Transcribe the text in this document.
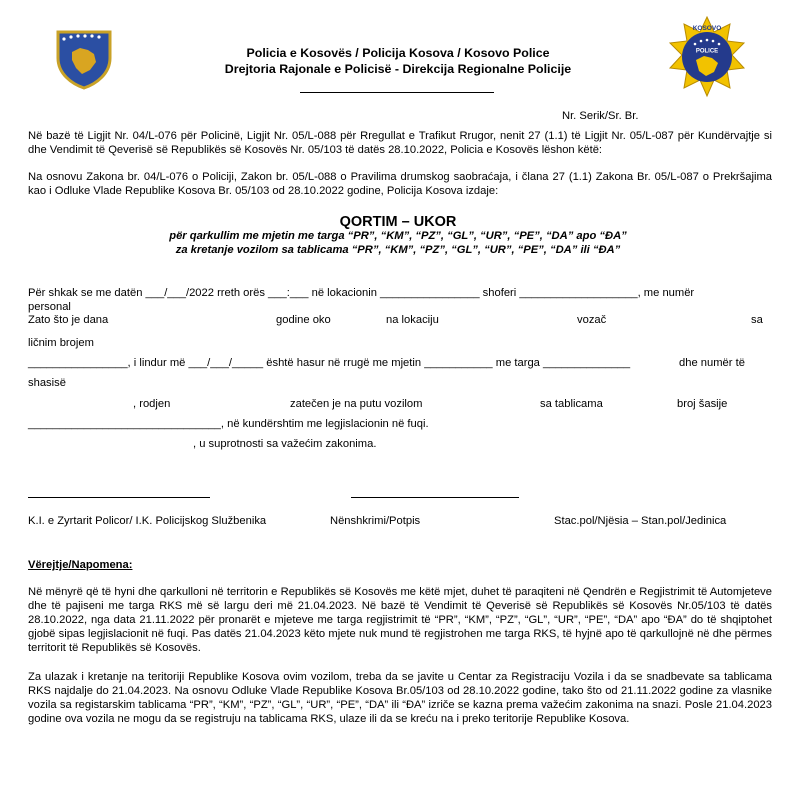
POLICE
KOSOVO
Policia e Kosovës / Policija Kosova / Kosovo Police
Drejtoria Rajonale e Policisë - Direkcija Regionalne Policije
Nr. Serik/Sr. Br.
Në bazë të Ligjit Nr. 04/L-076 për Policinë, Ligjit Nr. 05/L-088 për Rregullat e Trafikut Rrugor, nenit 27 (1.1) të Ligjit Nr. 05/L-087 për Kundërvajtje si dhe Vendimit të Qeverisë së Republikës së Kosovës Nr. 05/103 të datës 28.10.2022, Policia e Kosovës lëshon këtë:
Na osnovu Zakona br. 04/L-076 o Policiji, Zakon br. 05/L-088 o Pravilima drumskog saobraćaja, i člana 27 (1.1) Zakona Br. 05/L-087 o Prekršajima kao i Odluke Vlade Republike Kosova Br. 05/103 od 28.10.2022 godine, Policija Kosova izdaje:
QORTIM – UKOR
për qarkullim me mjetin me targa “PR”, “KM”, “PZ”, “GL”, “UR”, “PE”, “DA” apo “ĐA”
za kretanje vozilom sa tablicama “PR”, “KM”, “PZ”, “GL”, “UR”, “PE”, “DA” ili “ĐA”
Për shkak se me datën ___/___/2022 rreth orës ___:___ në lokacionin ________________ shoferi ___________________, me numër
personal
Zato što je dana	godine oko	na lokaciju	vozač	sa
ličnim brojem
________________, i lindur më ___/___/_____ është hasur në rrugë me mjetin ___________ me targa ______________	dhe numër të
shasisë
, rodjen	zatečen je na putu vozilom	sa tablicama	broj šasije
_______________________________, në kundërshtim me legjislacionin në fuqi.
, u suprotnosti sa važećim zakonima.
K.I. e Zyrtarit Policor/ I.K. Policijskog Službenika	Nënshkrimi/Potpis	Stac.pol/Njësia – Stan.pol/Jedinica
Vërejtje/Napomena:
Në mënyrë që të hyni dhe qarkulloni në territorin e Republikës së Kosovës me këtë mjet, duhet të paraqiteni në Qendrën e Regjistrimit të Automjeteve dhe të pajiseni me targa RKS më së largu deri më 21.04.2023. Në bazë të Vendimit të Qeverisë së Republikës së Kosovës Nr.05/103 të datës 28.10.2022, nga data 21.11.2022 për pronarët e mjeteve me targa regjistrimit të “PR”, “KM”, “PZ”, “GL”, “UR”, “PE”, “DA” apo “ĐA” do të shqiptohet gjobë sipas legjislacionit në fuqi. Pas datës 21.04.2023 këto mjete nuk mund të regjistrohen me targa RKS, të hyjnë apo të qarkullojnë në dhe përmes territorit të Republikës së Kosovës.
Za ulazak i kretanje na teritoriji Republike Kosova ovim vozilom, treba da se javite u Centar za Registraciju Vozila i da se snadbevate sa tablicama RKS najdalje do 21.04.2023. Na osnovu Odluke Vlade Republike Kosova Br.05/103 od 28.10.2022 godine, tako što od 21.11.2022 godine za vlasnike vozila sa registarskim tablicama “PR”, “KM”, “PZ”, “GL”, “UR”, “PE”, “DA” ili “ĐA” izriče se kazna prema važećim zakonima na snazi. Posle 21.04.2023 godine ova vozila ne mogu da se registruju na tablicama RKS, ulaze ili da se kreću na i preko teritorije Republike Kosova.
